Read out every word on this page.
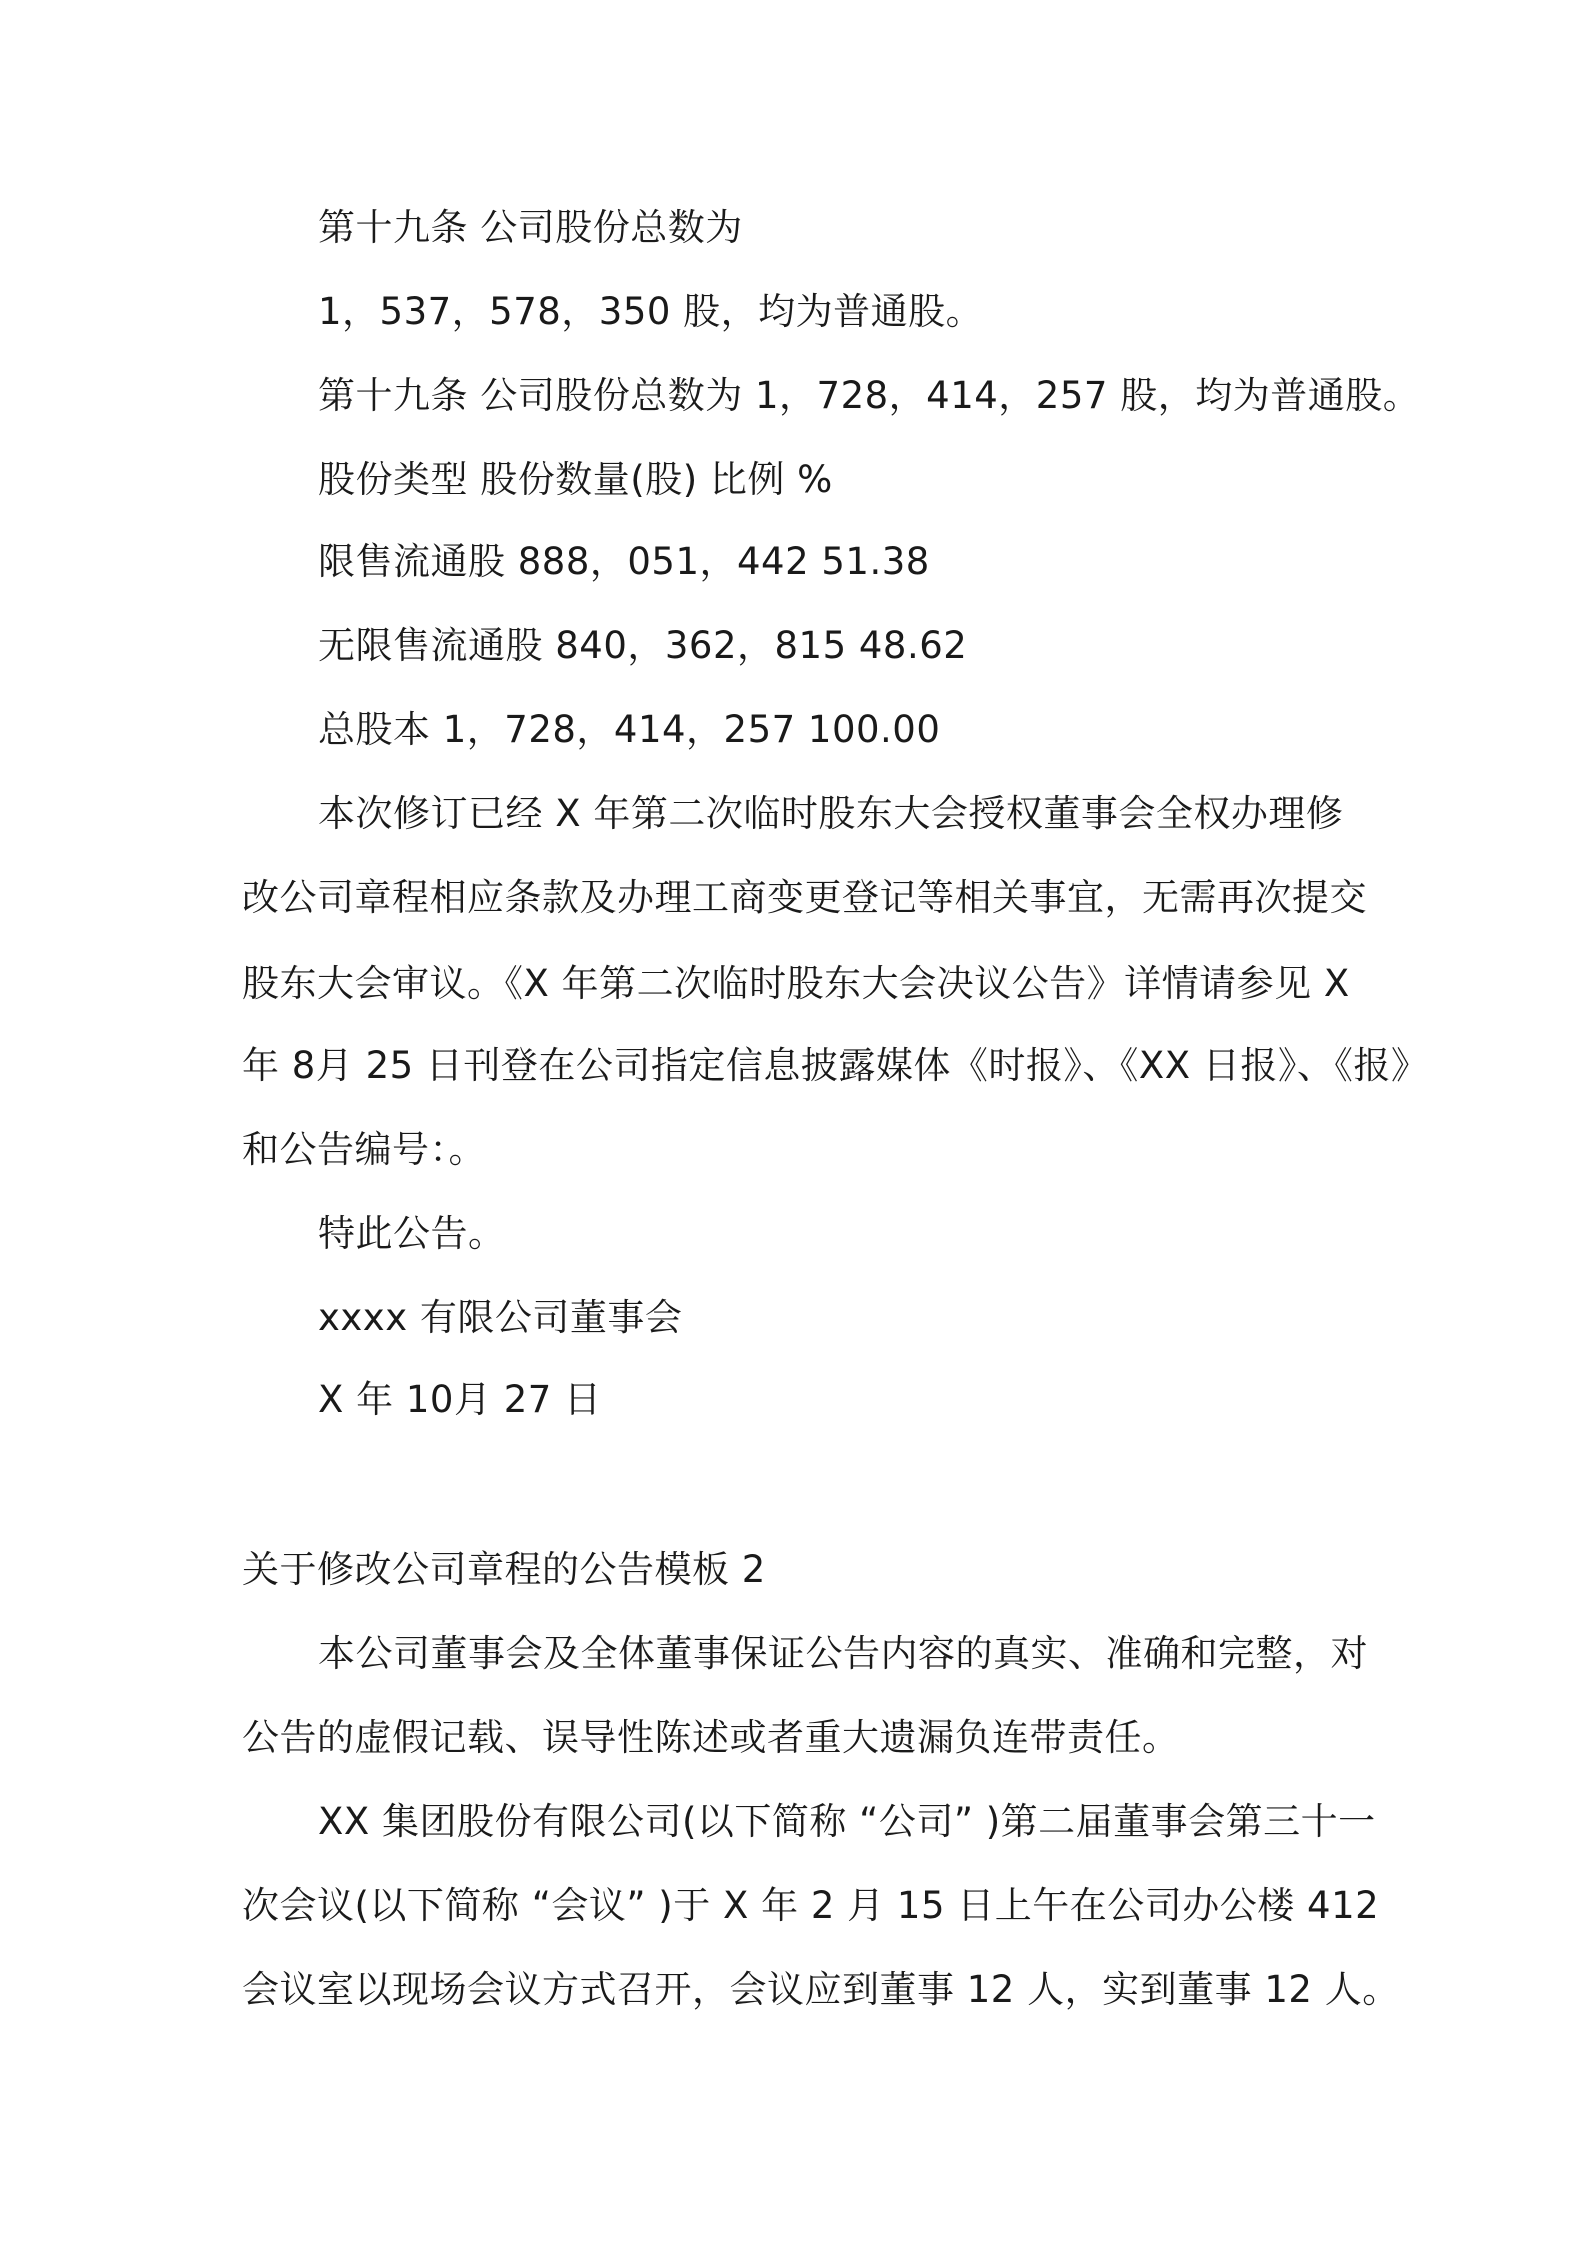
第十九条 公司股份总数为
1，537，578，350 股，均为普通股。
第十九条 公司股份总数为 1，728，414，257 股，均为普通股。
股份类型 股份数量(股) 比例 %
限售流通股 888，051，442 51.38
无限售流通股 840，362，815 48.62
总股本 1，728，414，257 100.00
本次修订已经 X 年第二次临时股东大会授权董事会全权办理修
改公司章程相应条款及办理工商变更登记等相关事宜，无需再次提交
股东大会审议。《X 年第二次临时股东大会决议公告》详情请参见 X
年 8月 25 日刊登在公司指定信息披露媒体《时报》、《XX 日报》、《报》
和公告编号：。
特此公告。
xxxx 有限公司董事会
X 年 10月 27 日
关于修改公司章程的公告模板 2
本公司董事会及全体董事保证公告内容的真实、准确和完整，对
公告的虚假记载、误导性陈述或者重大遗漏负连带责任。
XX 集团股份有限公司(以下简称 “公司” )第二届董事会第三十一
次会议(以下简称 “会议” )于 X 年 2 月 15 日上午在公司办公楼 412
会议室以现场会议方式召开，会议应到董事 12 人，实到董事 12 人。
